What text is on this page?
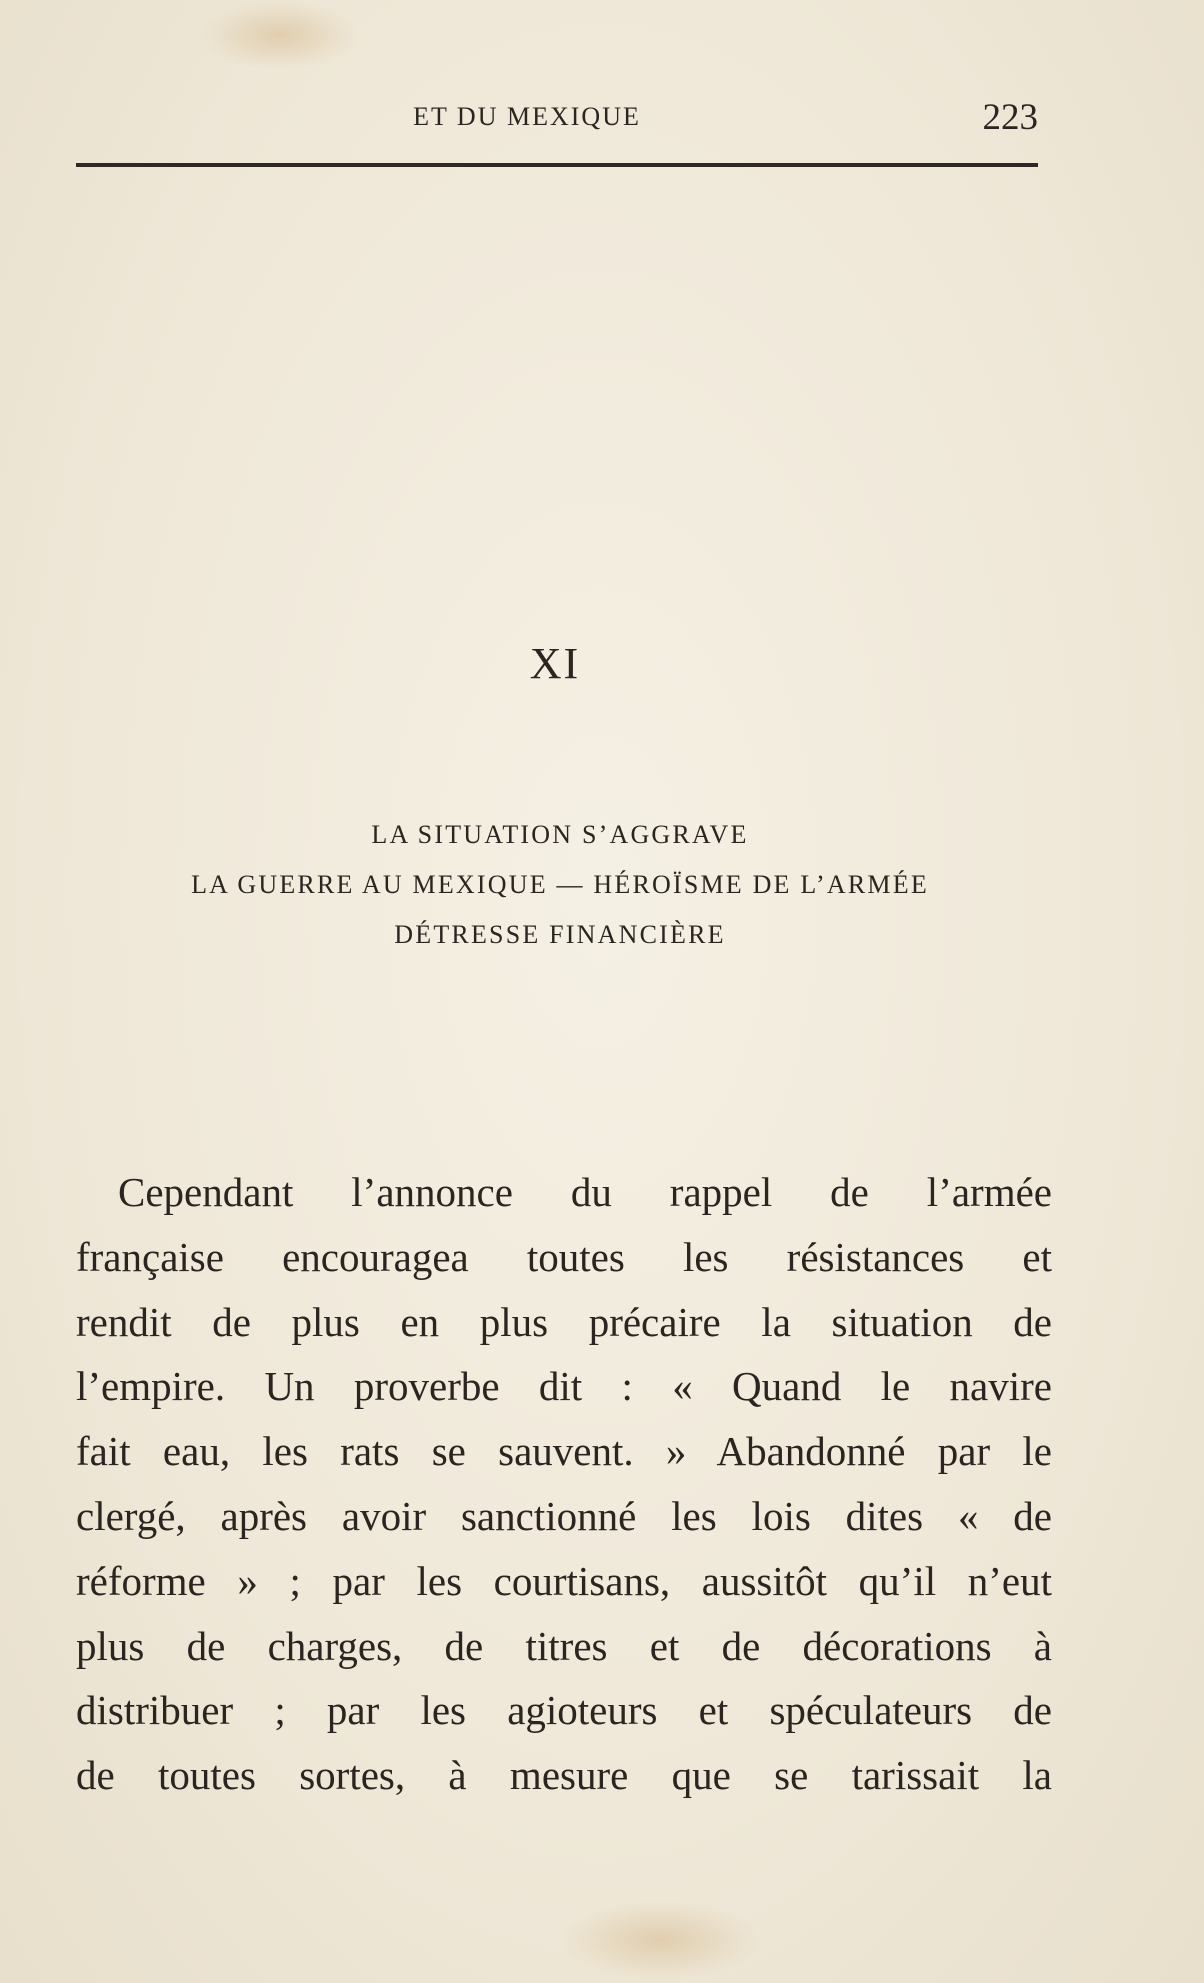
ET DU MEXIQUE	223
XI
LA SITUATION S’AGGRAVE
LA GUERRE AU MEXIQUE — HÉROÏSME DE L’ARMÉE
DÉTRESSE FINANCIÈRE
Cependant l’annonce du rappel de l’armée
française encouragea toutes les résistances et
rendit de plus en plus précaire la situation de
l’empire. Un proverbe dit : « Quand le navire
fait eau, les rats se sauvent. » Abandonné par le
clergé, après avoir sanctionné les lois dites « de
réforme » ; par les courtisans, aussitôt qu’il n’eut
plus de charges, de titres et de décorations à
distribuer ; par les agioteurs et spéculateurs de
de toutes sortes, à mesure que se tarissait la
